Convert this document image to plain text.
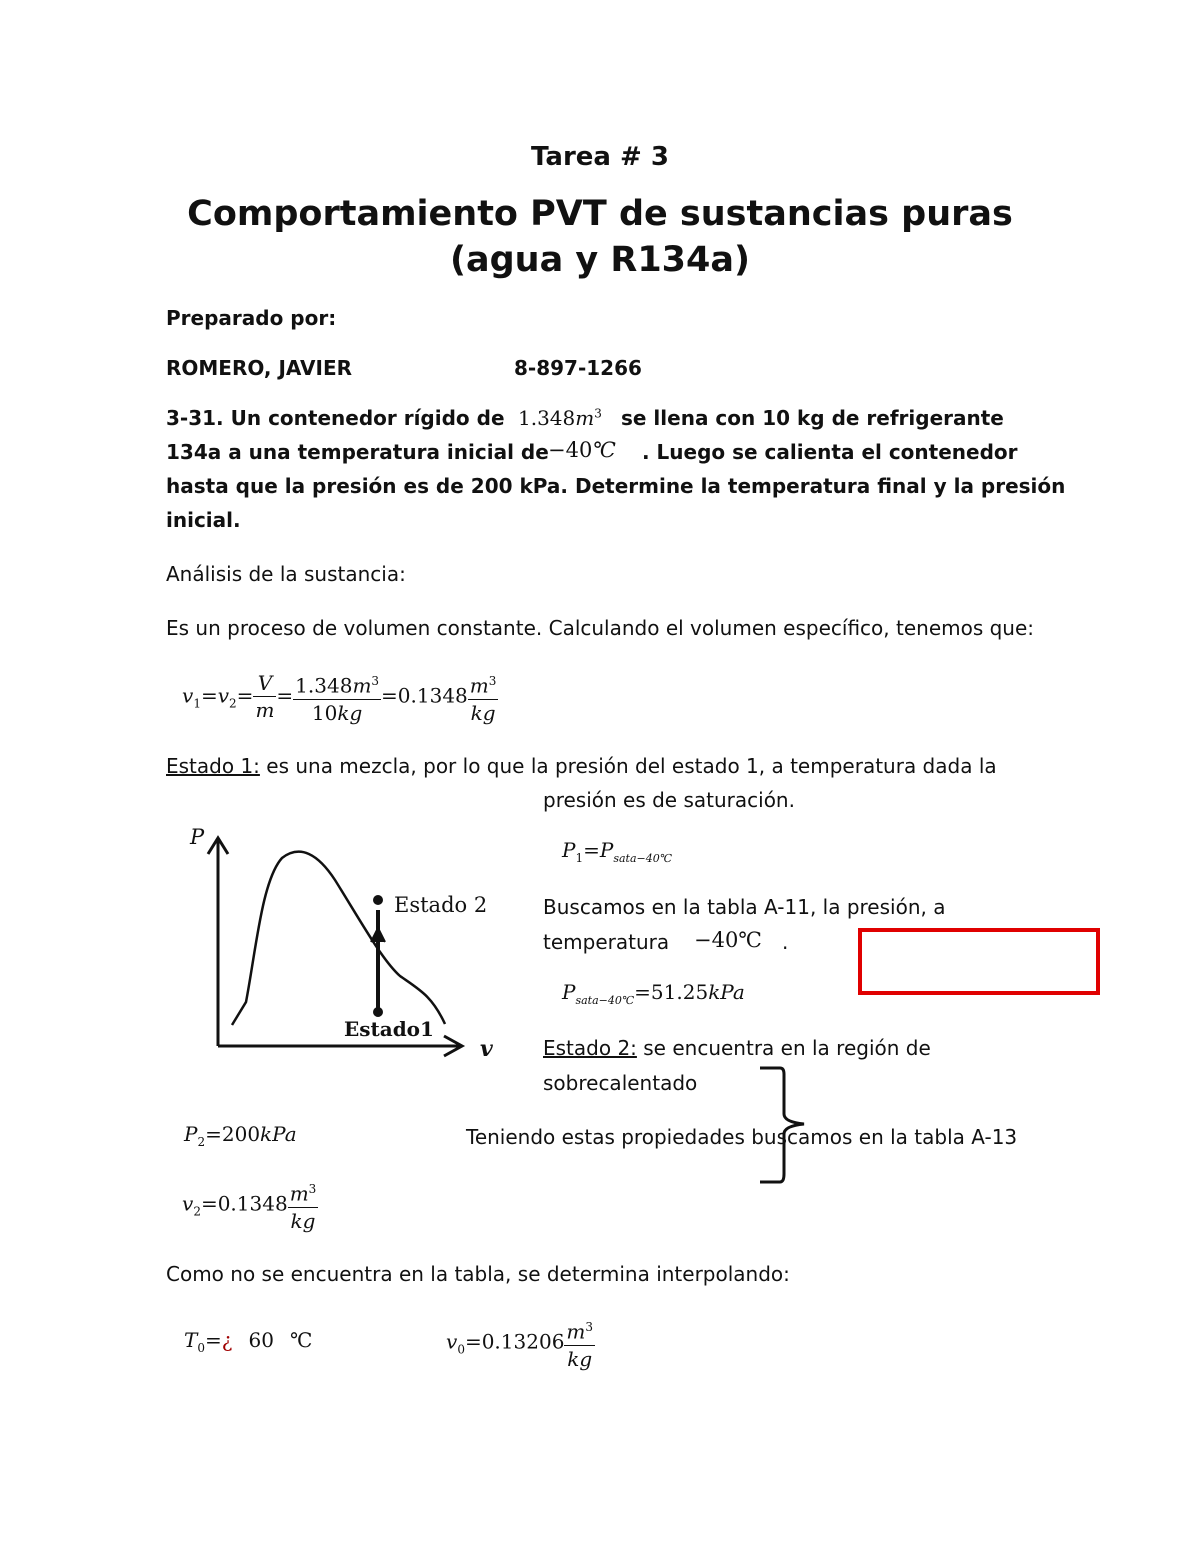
Tarea # 3
Comportamiento PVT de sustancias puras
(agua y R134a)
Preparado por:
ROMERO, JAVIER	8-897-1266
3-31. Un contenedor rígido de $1.348m^3$ se llena con 10 kg de refrigerante
134a a una temperatura inicial de −40℃ . Luego se calienta el contenedor
hasta que la presión es de 200 kPa. Determine la temperatura final y la presión
inicial.
Análisis de la sustancia:
Es un proceso de volumen constante. Calculando el volumen específico, tenemos que:
$v_1=v_2= \frac{V}{m} = \frac{1.348m^3}{10kg} =0.1348 \frac{m^3}{kg}$
Estado 1: es una mezcla, por lo que la presión del estado 1, a temperatura dada la
presión es de saturación.
$P_1=P_{sata-40℃}$
Buscamos en la tabla A-11, la presión, a
temperatura −40℃ .
$P_{sata-40℃}=51.25kPa$
P
v
Estado 2
Estado1
Estado 2: se encuentra en la región de
sobrecalentado
$P_2=200kPa$	Teniendo estas propiedades buscamos en la tabla A-13
$v_2=0.1348 \frac{m^3}{kg}$
Como no se encuentra en la tabla, se determina interpolando:
$T_0=¿$ 60 ℃	$v_0=0.13206 \frac{m^3}{kg}$
